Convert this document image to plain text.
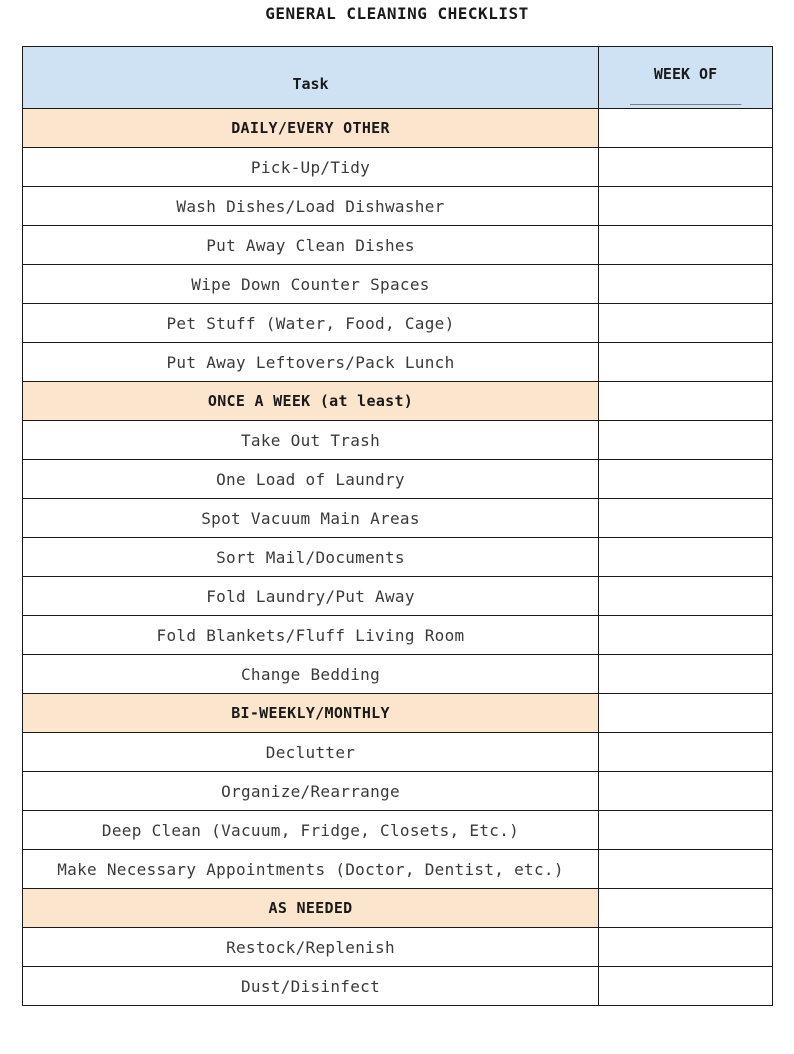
GENERAL CLEANING CHECKLIST
Task	WEEK OF
______________

DAILY/EVERY OTHER	
Pick-Up/Tidy	
Wash Dishes/Load Dishwasher	
Put Away Clean Dishes	
Wipe Down Counter Spaces	
Pet Stuff (Water, Food, Cage)	
Put Away Leftovers/Pack Lunch	
ONCE A WEEK (at least)	
Take Out Trash	
One Load of Laundry	
Spot Vacuum Main Areas	
Sort Mail/Documents	
Fold Laundry/Put Away	
Fold Blankets/Fluff Living Room	
Change Bedding	
BI-WEEKLY/MONTHLY	
Declutter	
Organize/Rearrange	
Deep Clean (Vacuum, Fridge, Closets, Etc.)	
Make Necessary Appointments (Doctor, Dentist, etc.)	
AS NEEDED	
Restock/Replenish	
Dust/Disinfect	
